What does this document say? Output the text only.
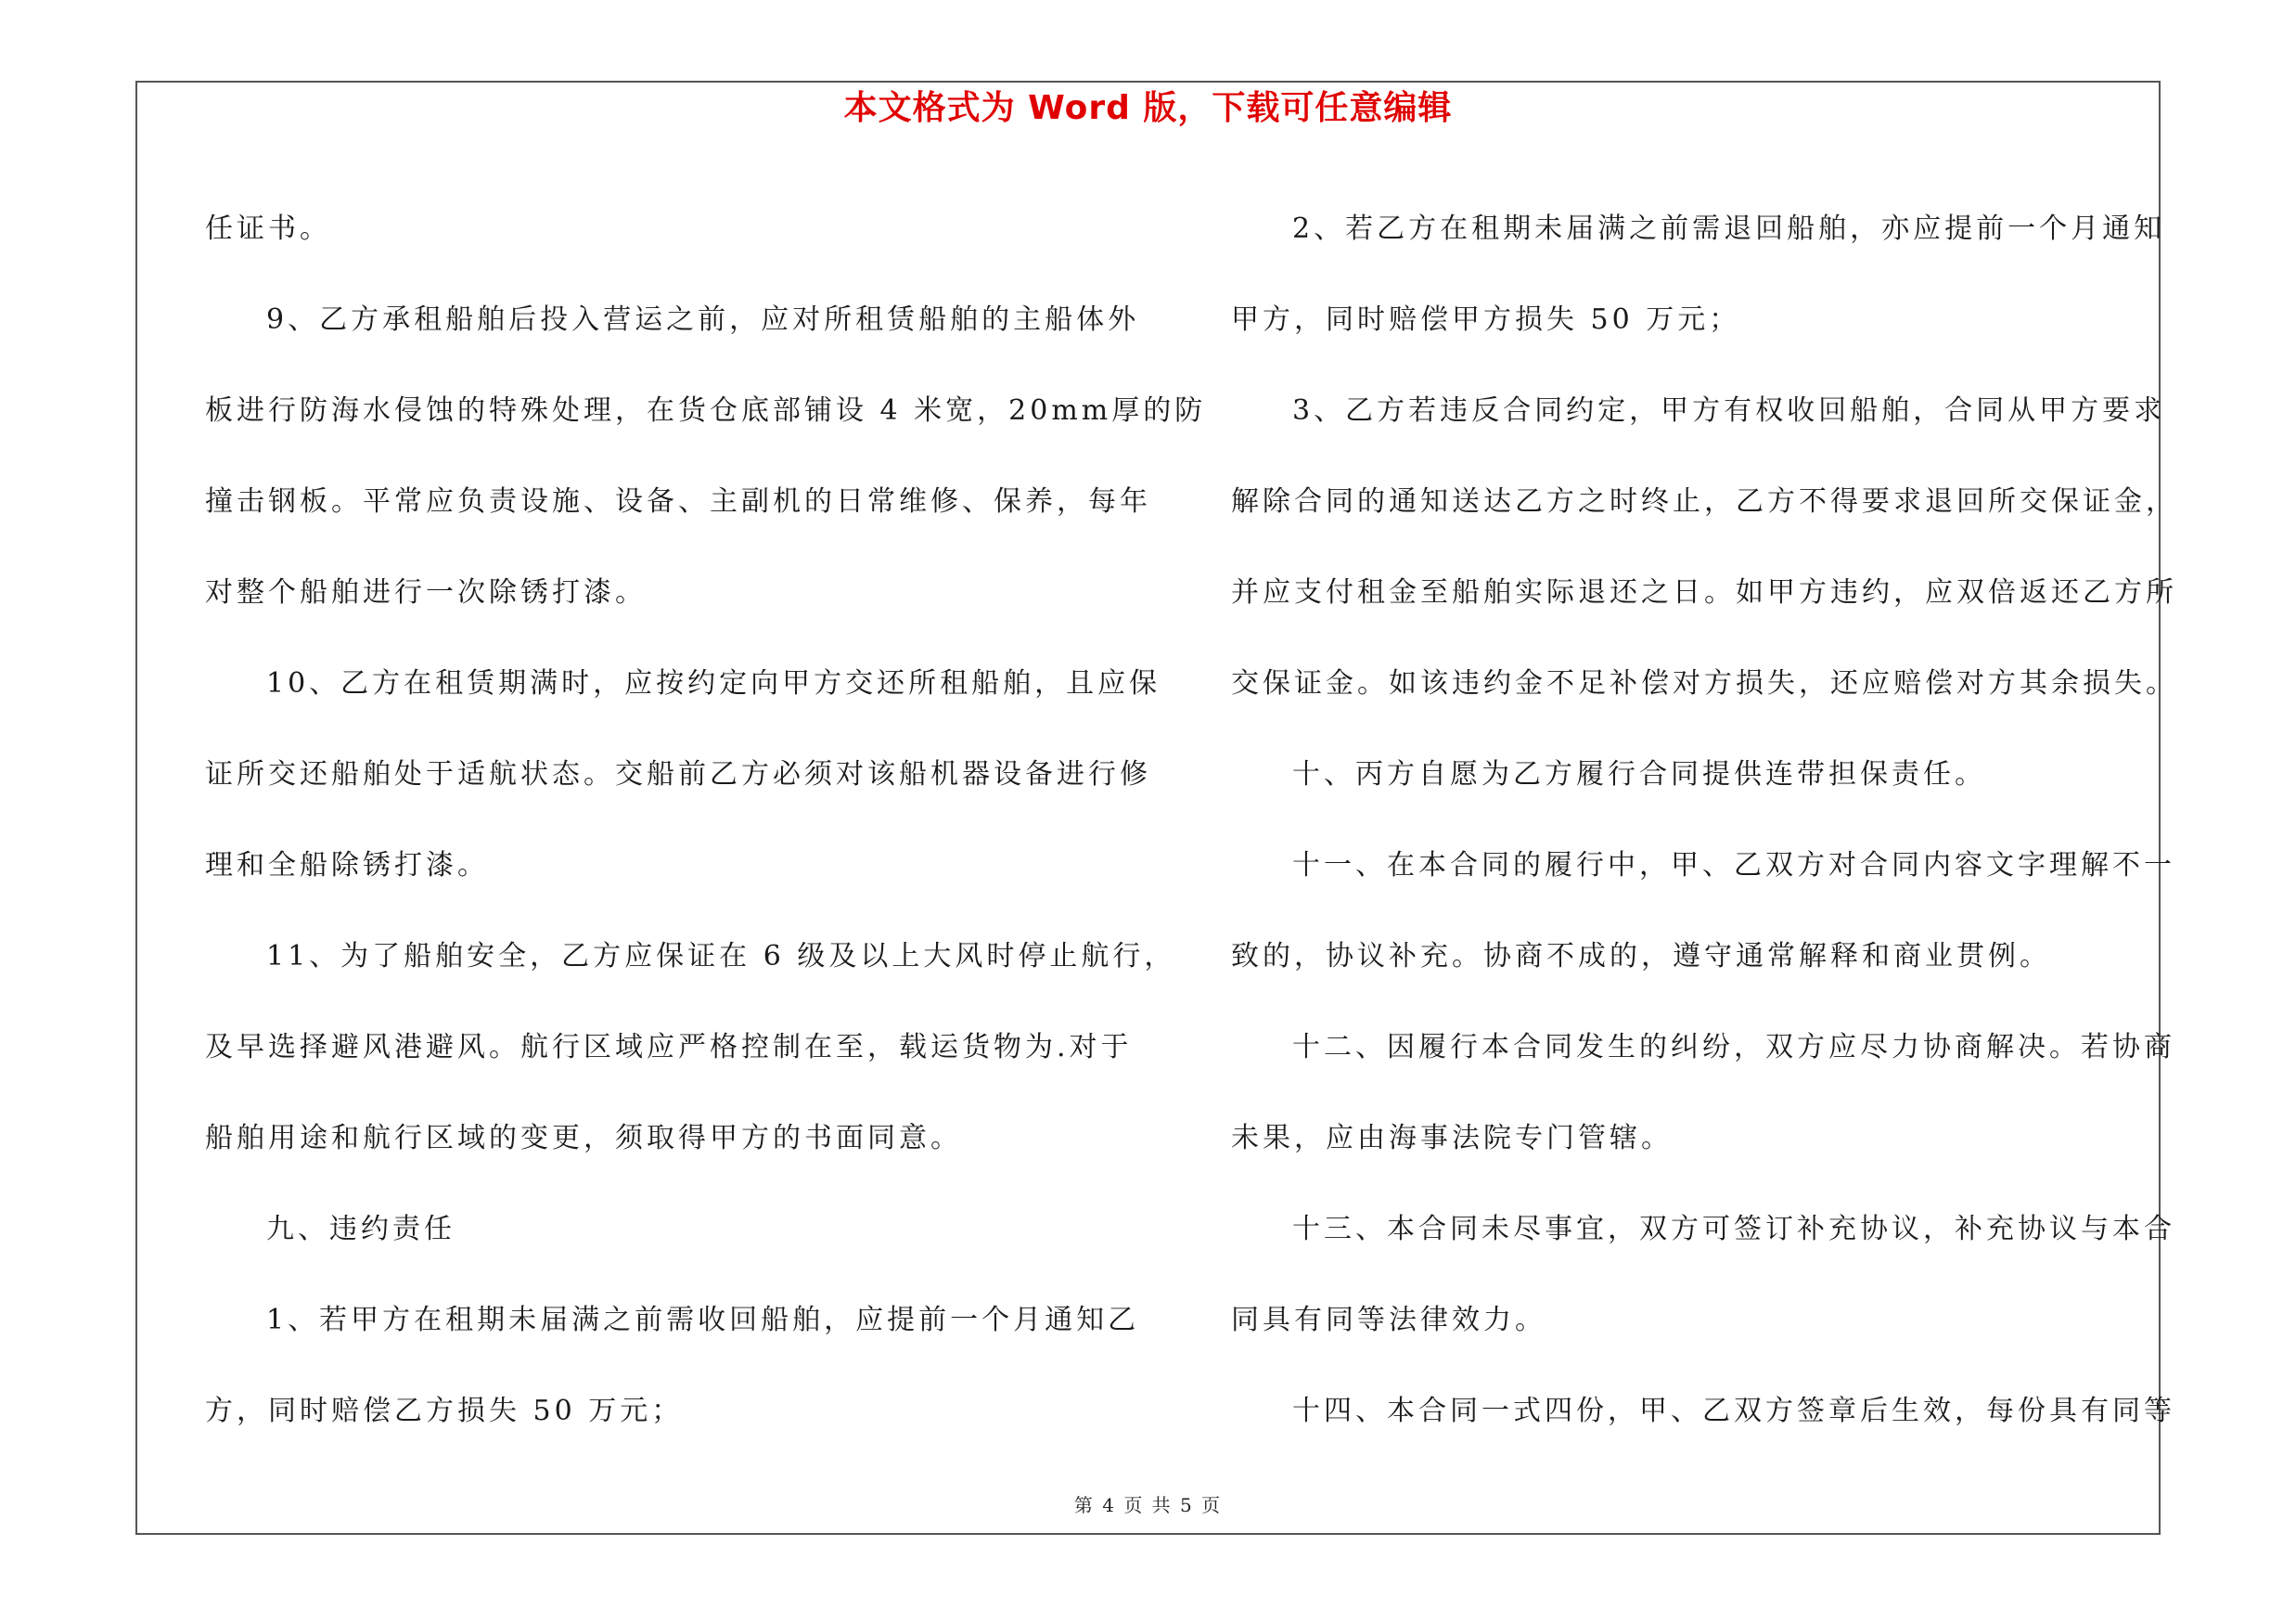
本文格式为 Word 版，下载可任意编辑

任证书。

9、乙方承租船舶后投入营运之前，应对所租赁船舶的主船体外

板进行防海水侵蚀的特殊处理，在货仓底部铺设 4 米宽，20mm厚的防

撞击钢板。平常应负责设施、设备、主副机的日常维修、保养，每年

对整个船舶进行一次除锈打漆。

10、乙方在租赁期满时，应按约定向甲方交还所租船舶，且应保

证所交还船舶处于适航状态。交船前乙方必须对该船机器设备进行修

理和全船除锈打漆。

11、为了船舶安全，乙方应保证在 6 级及以上大风时停止航行，

及早选择避风港避风。航行区域应严格控制在至，载运货物为.对于

船舶用途和航行区域的变更，须取得甲方的书面同意。

九、违约责任

1、若甲方在租期未届满之前需收回船舶，应提前一个月通知乙

方，同时赔偿乙方损失 50 万元；

2、若乙方在租期未届满之前需退回船舶，亦应提前一个月通知

甲方，同时赔偿甲方损失 50 万元；

3、乙方若违反合同约定，甲方有权收回船舶，合同从甲方要求

解除合同的通知送达乙方之时终止，乙方不得要求退回所交保证金，

并应支付租金至船舶实际退还之日。如甲方违约，应双倍返还乙方所

交保证金。如该违约金不足补偿对方损失，还应赔偿对方其余损失。

十、丙方自愿为乙方履行合同提供连带担保责任。

十一、在本合同的履行中，甲、乙双方对合同内容文字理解不一

致的，协议补充。协商不成的，遵守通常解释和商业贯例。

十二、因履行本合同发生的纠纷，双方应尽力协商解决。若协商

未果，应由海事法院专门管辖。

十三、本合同未尽事宜，双方可签订补充协议，补充协议与本合

同具有同等法律效力。

十四、本合同一式四份，甲、乙双方签章后生效，每份具有同等

第 4 页 共 5 页
